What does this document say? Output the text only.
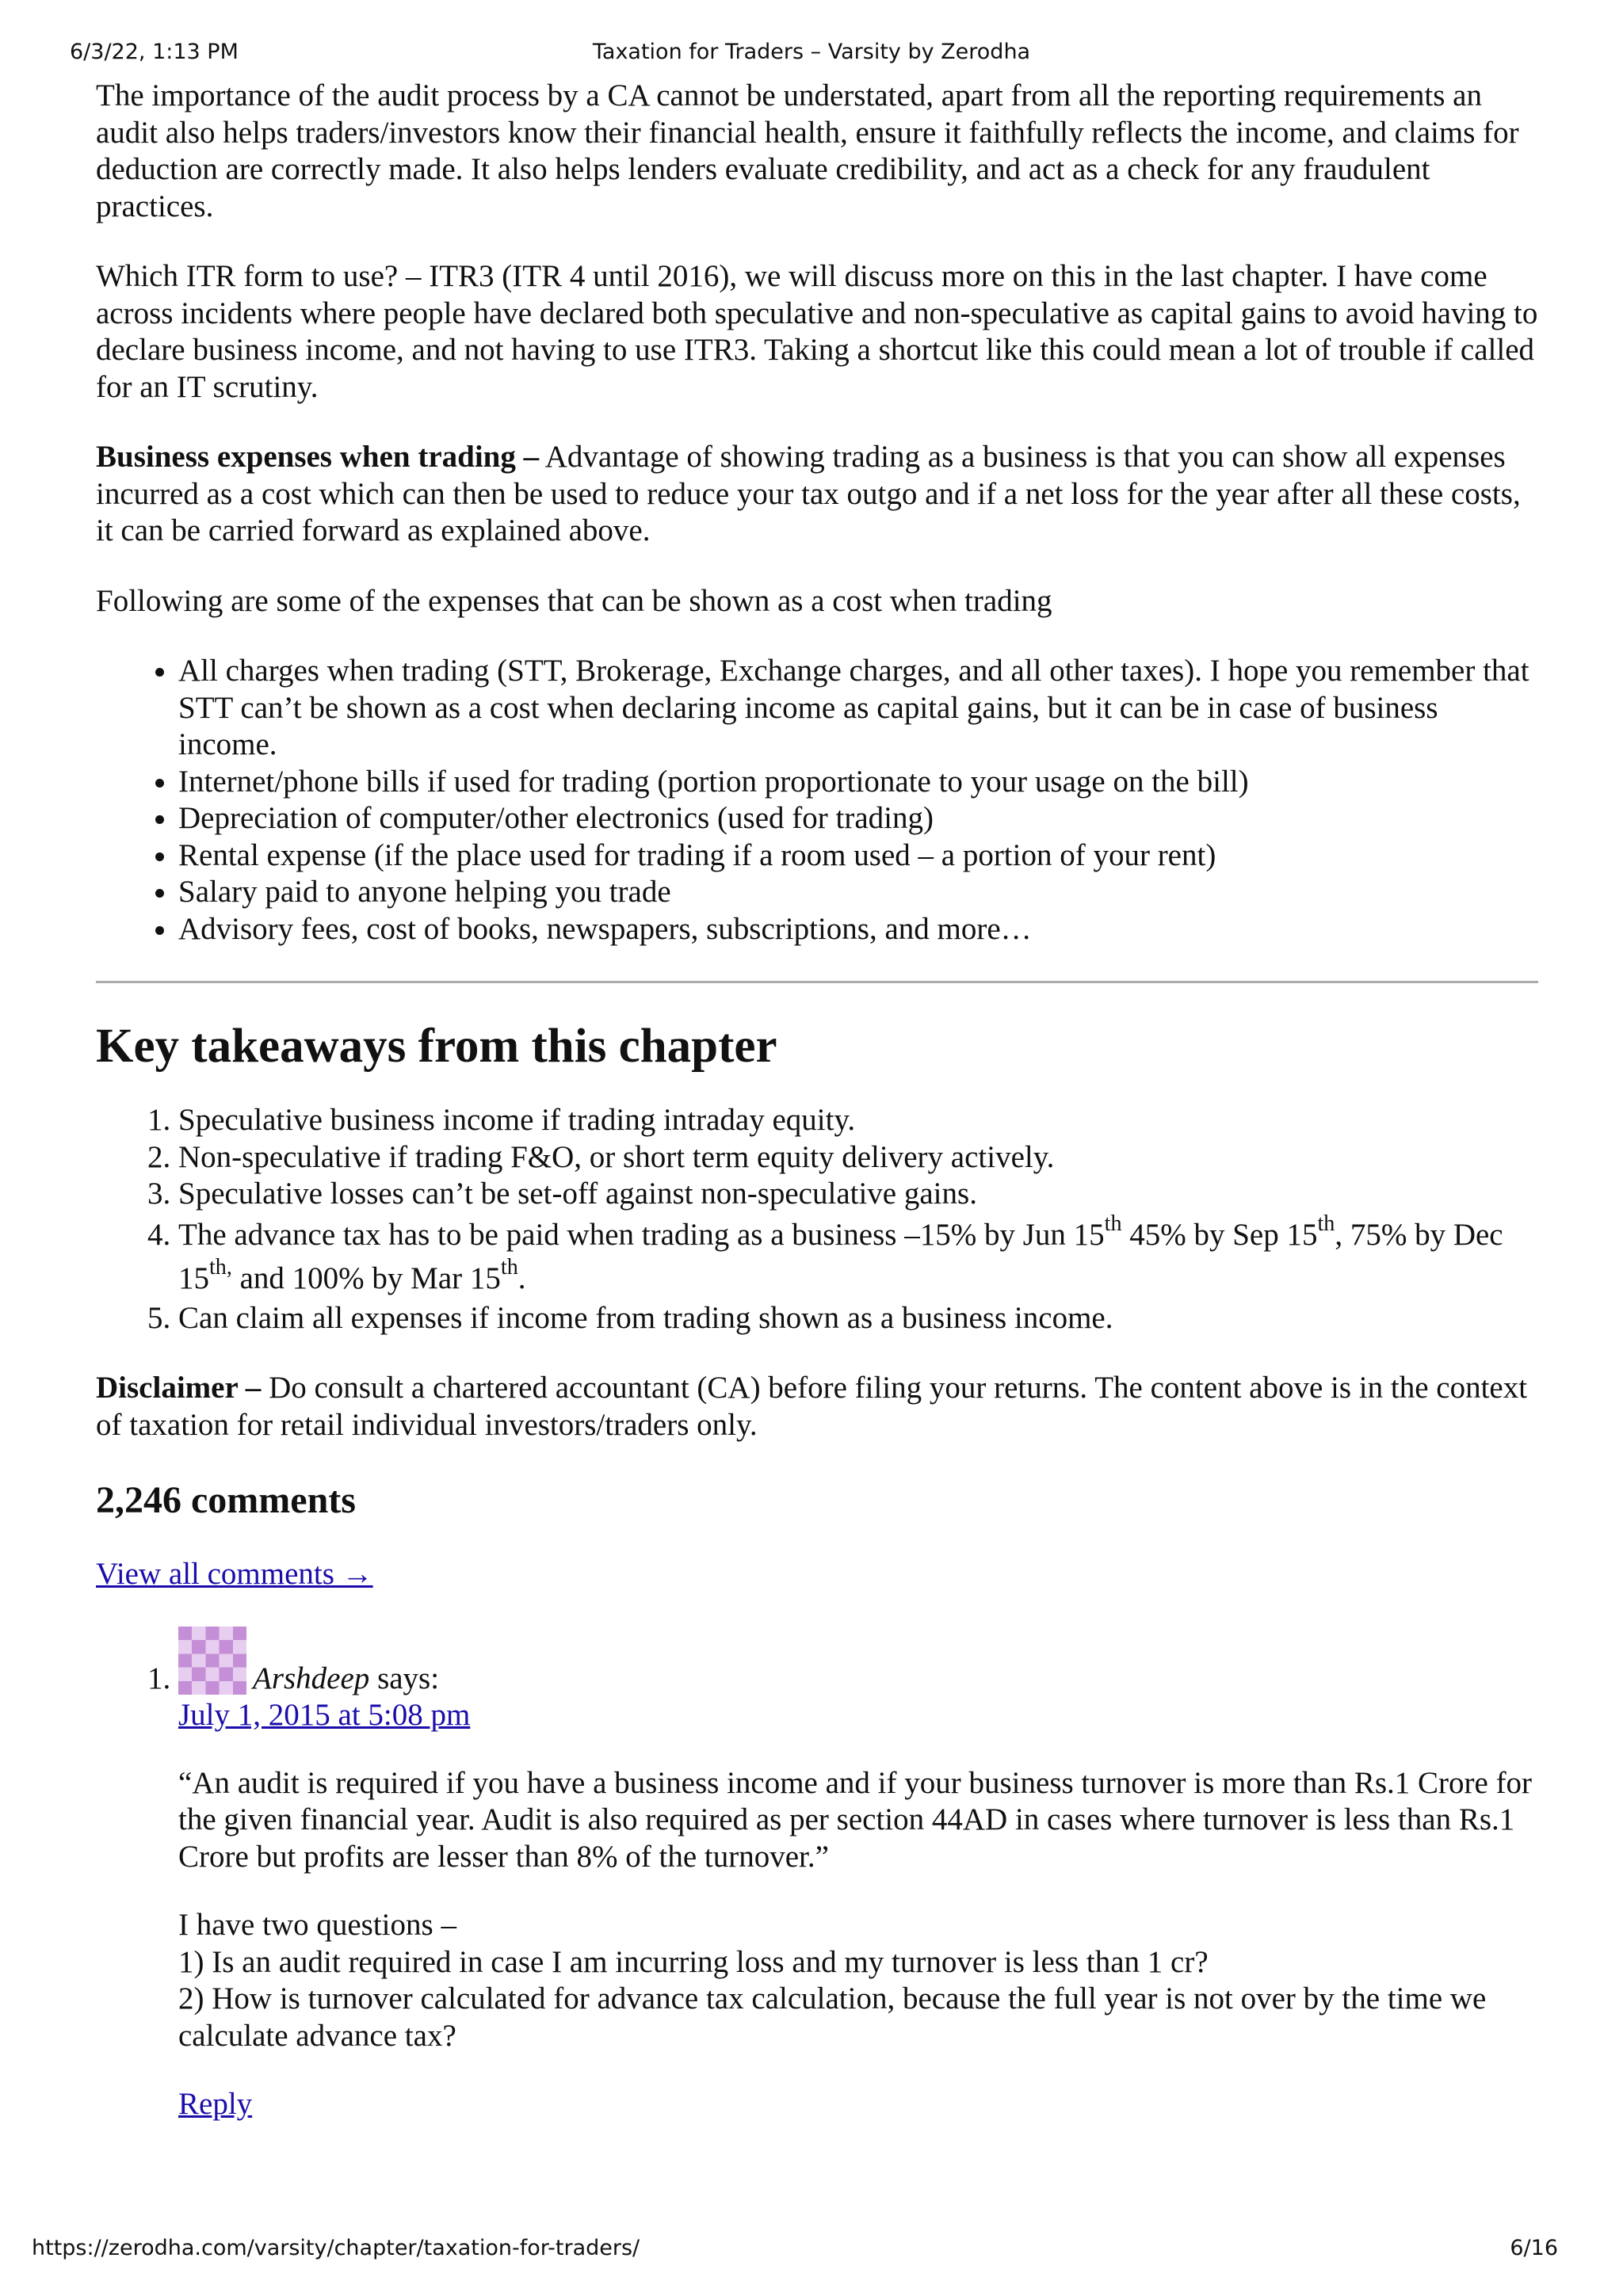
6/3/22, 1:13 PM	Taxation for Traders – Varsity by Zerodha

The importance of the audit process by a CA cannot be understated, apart from all the reporting requirements an audit also helps traders/investors know their financial health, ensure it faithfully reflects the income, and claims for deduction are correctly made. It also helps lenders evaluate credibility, and act as a check for any fraudulent practices.

Which ITR form to use? – ITR3 (ITR 4 until 2016), we will discuss more on this in the last chapter. I have come across incidents where people have declared both speculative and non-speculative as capital gains to avoid having to declare business income, and not having to use ITR3. Taking a shortcut like this could mean a lot of trouble if called for an IT scrutiny.

Business expenses when trading – Advantage of showing trading as a business is that you can show all expenses incurred as a cost which can then be used to reduce your tax outgo and if a net loss for the year after all these costs, it can be carried forward as explained above.

Following are some of the expenses that can be shown as a cost when trading

• All charges when trading (STT, Brokerage, Exchange charges, and all other taxes). I hope you remember that STT can’t be shown as a cost when declaring income as capital gains, but it can be in case of business income.
• Internet/phone bills if used for trading (portion proportionate to your usage on the bill)
• Depreciation of computer/other electronics (used for trading)
• Rental expense (if the place used for trading if a room used – a portion of your rent)
• Salary paid to anyone helping you trade
• Advisory fees, cost of books, newspapers, subscriptions, and more…
Key takeaways from this chapter
1. Speculative business income if trading intraday equity.
2. Non-speculative if trading F&O, or short term equity delivery actively.
3. Speculative losses can’t be set-off against non-speculative gains.
4. The advance tax has to be paid when trading as a business –15% by Jun 15th 45% by Sep 15th, 75% by Dec $15^{th,}$ and 100% by Mar 15th.
5. Can claim all expenses if income from trading shown as a business income.

Disclaimer – Do consult a chartered accountant (CA) before filing your returns. The content above is in the context of taxation for retail individual investors/traders only.

2,246 comments

View all comments →

1. Arshdeep says:
July 1, 2015 at 5:08 pm

“An audit is required if you have a business income and if your business turnover is more than Rs.1 Crore for the given financial year. Audit is also required as per section 44AD in cases where turnover is less than Rs.1 Crore but profits are lesser than 8% of the turnover.”

I have two questions –
1) Is an audit required in case I am incurring loss and my turnover is less than 1 cr?
2) How is turnover calculated for advance tax calculation, because the full year is not over by the time we calculate advance tax?

Reply

https://zerodha.com/varsity/chapter/taxation-for-traders/	6/16
